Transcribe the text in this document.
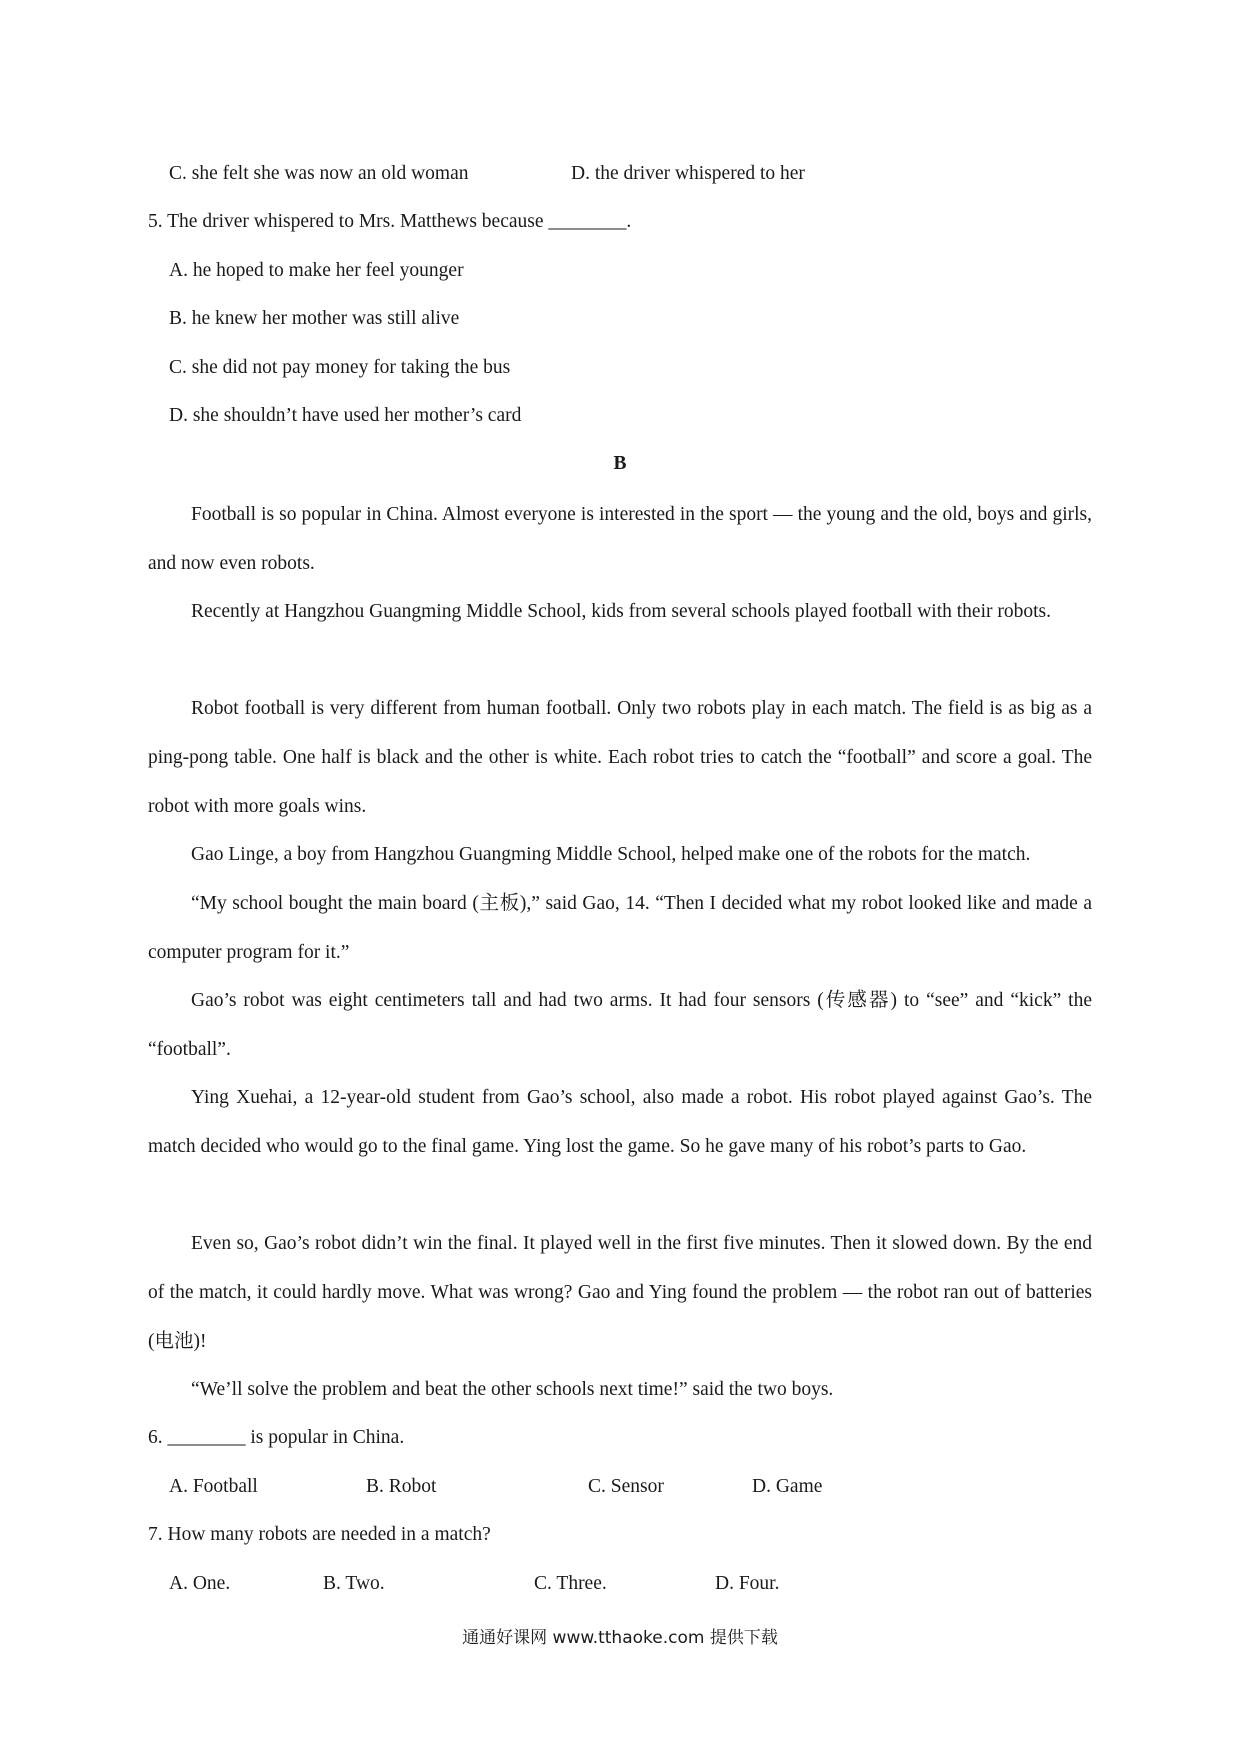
C. she felt she was now an old woman	D. the driver whispered to her
5. The driver whispered to Mrs. Matthews because ________.
A. he hoped to make her feel younger
B. he knew her mother was still alive
C. she did not pay money for taking the bus
D. she shouldn’t have used her mother’s card
B

Football is so popular in China. Almost everyone is interested in the sport — the young and the old, boys and girls, and now even robots.

Recently at Hangzhou Guangming Middle School, kids from several schools played football with their robots.

Robot football is very different from human football. Only two robots play in each match. The field is as big as a ping-pong table. One half is black and the other is white. Each robot tries to catch the “football” and score a goal. The robot with more goals wins.

Gao Linge, a boy from Hangzhou Guangming Middle School, helped make one of the robots for the match.

“My school bought the main board (主板),” said Gao, 14. “Then I decided what my robot looked like and made a computer program for it.”

Gao’s robot was eight centimeters tall and had two arms. It had four sensors (传感器) to “see” and “kick” the “football”.

Ying Xuehai, a 12-year-old student from Gao’s school, also made a robot. His robot played against Gao’s. The match decided who would go to the final game. Ying lost the game. So he gave many of his robot’s parts to Gao.

Even so, Gao’s robot didn’t win the final. It played well in the first five minutes. Then it slowed down. By the end of the match, it could hardly move. What was wrong? Gao and Ying found the problem — the robot ran out of batteries (电池)!

“We’ll solve the problem and beat the other schools next time!” said the two boys.

6. ________ is popular in China.
A. Football	B. Robot	C. Sensor	D. Game
7. How many robots are needed in a match?
A. One.	B. Two.	C. Three.	D. Four.
通通好课网 www.tthaoke.com 提供下载
